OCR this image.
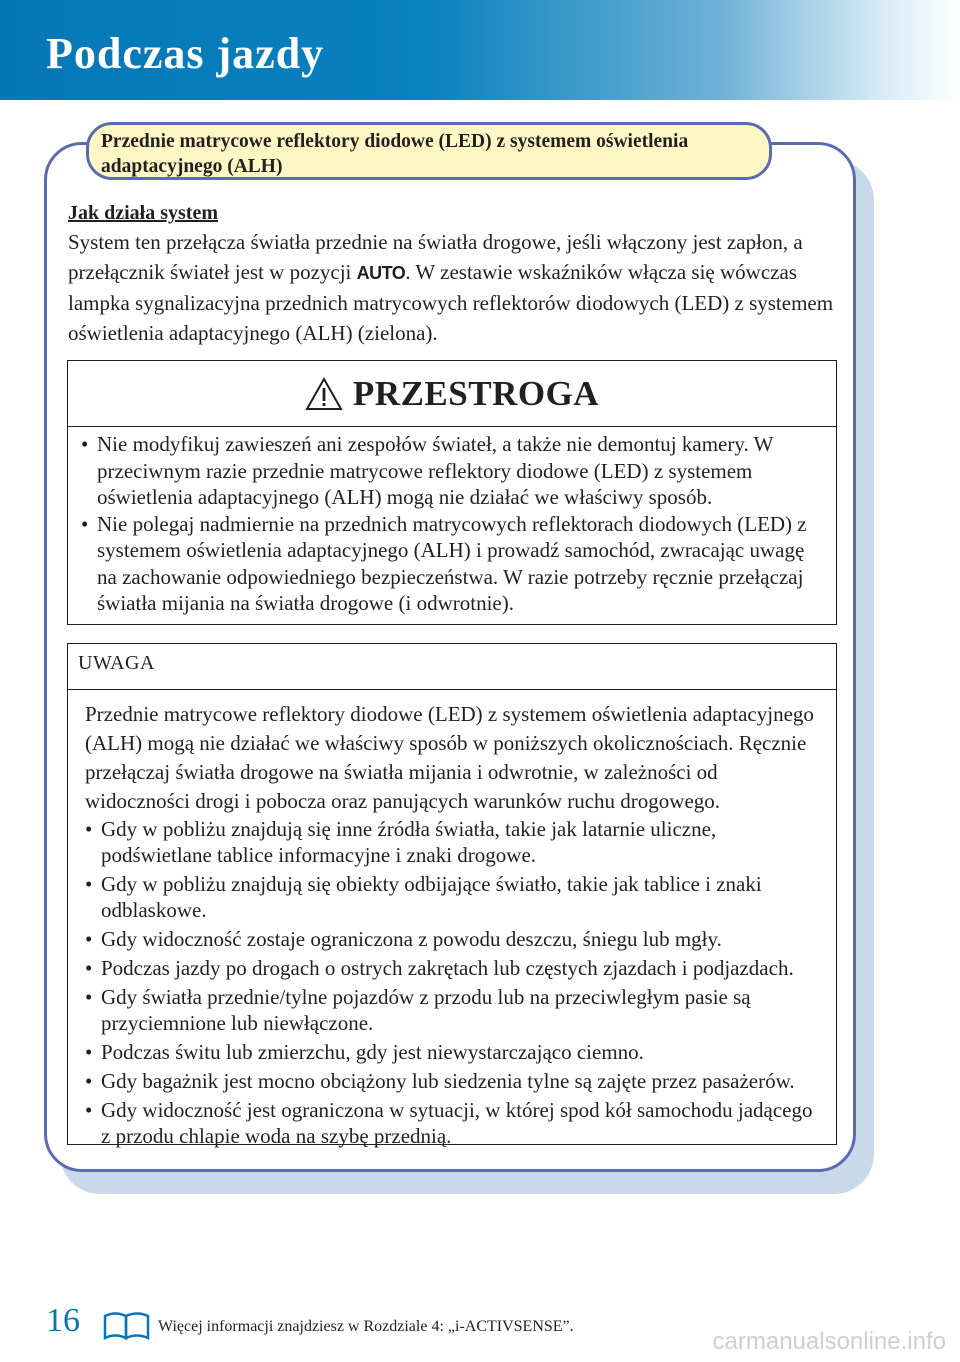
Podczas jazdy
Przednie matrycowe reflektory diodowe (LED) z systemem oświetlenia adaptacyjnego (ALH)
Jak działa system
System ten przełącza światła przednie na światła drogowe, jeśli włączony jest zapłon, a przełącznik świateł jest w pozycji AUTO. W zestawie wskaźników włącza się wówczas lampka sygnalizacyjna przednich matrycowych reflektorów diodowych (LED) z systemem oświetlenia adaptacyjnego (ALH) (zielona).
PRZESTROGA
• Nie modyfikuj zawieszeń ani zespołów świateł, a także nie demontuj kamery. W przeciwnym razie przednie matrycowe reflektory diodowe (LED) z systemem oświetlenia adaptacyjnego (ALH) mogą nie działać we właściwy sposób.
• Nie polegaj nadmiernie na przednich matrycowych reflektorach diodowych (LED) z systemem oświetlenia adaptacyjnego (ALH) i prowadź samochód, zwracając uwagę na zachowanie odpowiedniego bezpieczeństwa. W razie potrzeby ręcznie przełączaj światła mijania na światła drogowe (i odwrotnie).
UWAGA

Przednie matrycowe reflektory diodowe (LED) z systemem oświetlenia adaptacyjnego (ALH) mogą nie działać we właściwy sposób w poniższych okolicznościach. Ręcznie przełączaj światła drogowe na światła mijania i odwrotnie, w zależności od widoczności drogi i pobocza oraz panujących warunków ruchu drogowego.

• Gdy w pobliżu znajdują się inne źródła światła, takie jak latarnie uliczne, podświetlane tablice informacyjne i znaki drogowe.
• Gdy w pobliżu znajdują się obiekty odbijające światło, takie jak tablice i znaki odblaskowe.
• Gdy widoczność zostaje ograniczona z powodu deszczu, śniegu lub mgły.
• Podczas jazdy po drogach o ostrych zakrętach lub częstych zjazdach i podjazdach.
• Gdy światła przednie/tylne pojazdów z przodu lub na przeciwległym pasie są przyciemnione lub niewłączone.
• Podczas świtu lub zmierzchu, gdy jest niewystarczająco ciemno.
• Gdy bagażnik jest mocno obciążony lub siedzenia tylne są zajęte przez pasażerów.
• Gdy widoczność jest ograniczona w sytuacji, w której spod kół samochodu jadącego z przodu chlapie woda na szybę przednią.
16	Więcej informacji znajdziesz w Rozdziale 4: „i-ACTIVSENSE”.
carmanualsonline.info
